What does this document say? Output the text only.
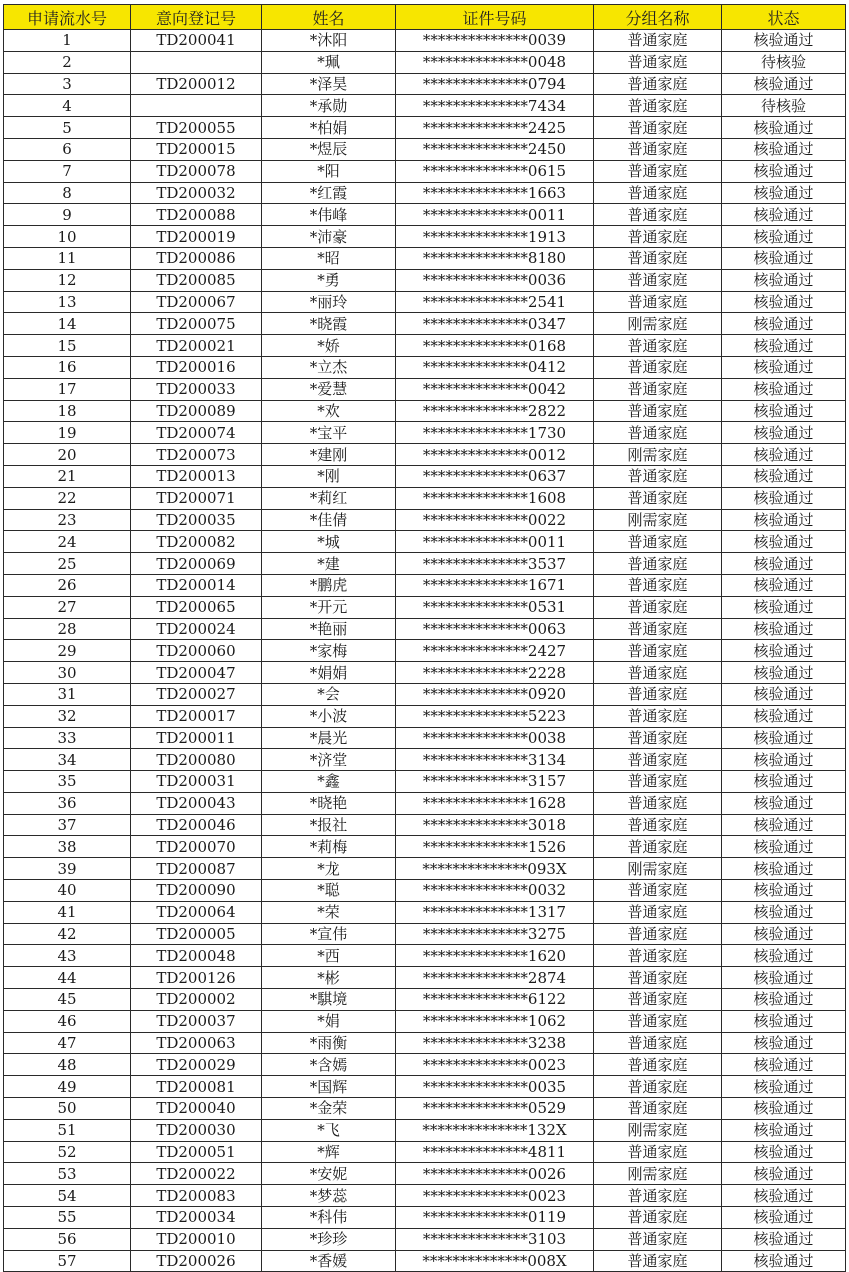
申请流水号	意向登记号	姓名	证件号码	分组名称	状态
1	TD200041	*沐阳	**************0039	普通家庭	核验通过
2		*珮	**************0048	普通家庭	待核验
3	TD200012	*泽昊	**************0794	普通家庭	核验通过
4		*承勋	**************7434	普通家庭	待核验
5	TD200055	*柏娟	**************2425	普通家庭	核验通过
6	TD200015	*煜辰	**************2450	普通家庭	核验通过
7	TD200078	*阳	**************0615	普通家庭	核验通过
8	TD200032	*红霞	**************1663	普通家庭	核验通过
9	TD200088	*伟峰	**************0011	普通家庭	核验通过
10	TD200019	*沛豪	**************1913	普通家庭	核验通过
11	TD200086	*昭	**************8180	普通家庭	核验通过
12	TD200085	*勇	**************0036	普通家庭	核验通过
13	TD200067	*丽玲	**************2541	普通家庭	核验通过
14	TD200075	*晓霞	**************0347	刚需家庭	核验通过
15	TD200021	*娇	**************0168	普通家庭	核验通过
16	TD200016	*立杰	**************0412	普通家庭	核验通过
17	TD200033	*爱慧	**************0042	普通家庭	核验通过
18	TD200089	*欢	**************2822	普通家庭	核验通过
19	TD200074	*宝平	**************1730	普通家庭	核验通过
20	TD200073	*建刚	**************0012	刚需家庭	核验通过
21	TD200013	*刚	**************0637	普通家庭	核验通过
22	TD200071	*莉红	**************1608	普通家庭	核验通过
23	TD200035	*佳倩	**************0022	刚需家庭	核验通过
24	TD200082	*城	**************0011	普通家庭	核验通过
25	TD200069	*建	**************3537	普通家庭	核验通过
26	TD200014	*鹏虎	**************1671	普通家庭	核验通过
27	TD200065	*开元	**************0531	普通家庭	核验通过
28	TD200024	*艳丽	**************0063	普通家庭	核验通过
29	TD200060	*家梅	**************2427	普通家庭	核验通过
30	TD200047	*娟娟	**************2228	普通家庭	核验通过
31	TD200027	*会	**************0920	普通家庭	核验通过
32	TD200017	*小波	**************5223	普通家庭	核验通过
33	TD200011	*晨光	**************0038	普通家庭	核验通过
34	TD200080	*济堂	**************3134	普通家庭	核验通过
35	TD200031	*鑫	**************3157	普通家庭	核验通过
36	TD200043	*晓艳	**************1628	普通家庭	核验通过
37	TD200046	*报社	**************3018	普通家庭	核验通过
38	TD200070	*莉梅	**************1526	普通家庭	核验通过
39	TD200087	*龙	**************093X	刚需家庭	核验通过
40	TD200090	*聪	**************0032	普通家庭	核验通过
41	TD200064	*荣	**************1317	普通家庭	核验通过
42	TD200005	*宣伟	**************3275	普通家庭	核验通过
43	TD200048	*西	**************1620	普通家庭	核验通过
44	TD200126	*彬	**************2874	普通家庭	核验通过
45	TD200002	*騏境	**************6122	普通家庭	核验通过
46	TD200037	*娟	**************1062	普通家庭	核验通过
47	TD200063	*雨衡	**************3238	普通家庭	核验通过
48	TD200029	*含嫣	**************0023	普通家庭	核验通过
49	TD200081	*国辉	**************0035	普通家庭	核验通过
50	TD200040	*金荣	**************0529	普通家庭	核验通过
51	TD200030	*飞	**************132X	刚需家庭	核验通过
52	TD200051	*辉	**************4811	普通家庭	核验通过
53	TD200022	*安妮	**************0026	刚需家庭	核验通过
54	TD200083	*梦蕊	**************0023	普通家庭	核验通过
55	TD200034	*科伟	**************0119	普通家庭	核验通过
56	TD200010	*珍珍	**************3103	普通家庭	核验通过
57	TD200026	*香媛	**************008X	普通家庭	核验通过
